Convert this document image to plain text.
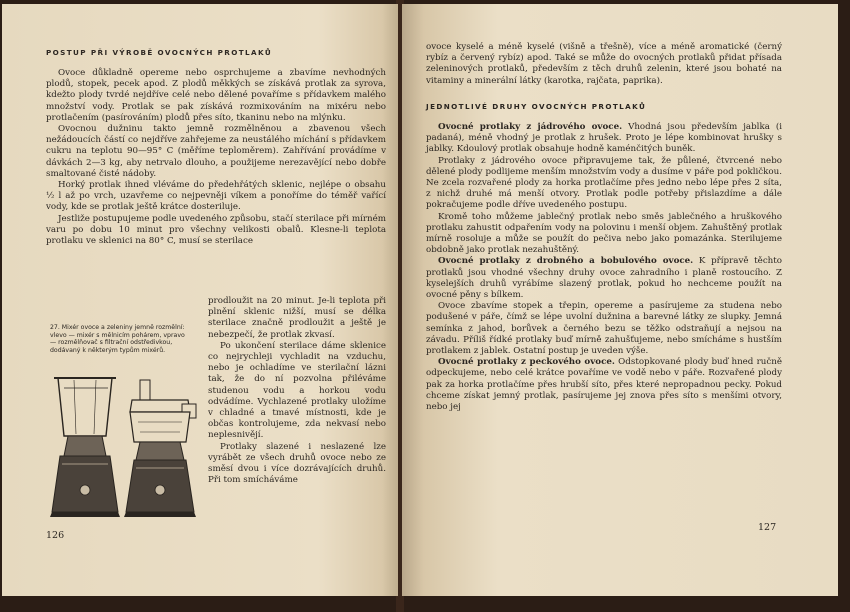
POSTUP PŘI VÝROBĚ OVOCNÝCH PROTLAKŮ

Ovoce důkladně opereme nebo osprchujeme a zbavíme nevhodných plodů, stopek, pecek apod. Z plodů měkkých se získává protlak za syrova, kdežto plody tvrdé nejdříve celé nebo dělené povaříme s přídavkem malého množství vody. Protlak se pak získává rozmixováním na mixéru nebo protlačením (pasírováním) plodů přes síto, tkaninu nebo na mlýnku.

Ovocnou dužninu takto jemně rozmělněnou a zbavenou všech nežádoucích částí co nejdříve zahřejeme za neustálého míchání s přídavkem cukru na teplotu 90—95° C (měříme teploměrem). Zahřívání provádíme v dávkách 2—3 kg, aby netrvalo dlouho, a použijeme nerezavějící nebo dobře smaltované čisté nádoby.

Horký protlak ihned vléváme do předehřátých sklenic, nejlépe o obsahu ½ l až po vrch, uzavřeme co nejpevněji víkem a ponoříme do téměř vařící vody, kde se protlak ještě krátce dosteriluje.

Jestliže postupujeme podle uvedeného způsobu, stačí sterilace při mírném varu po dobu 10 minut pro všechny velikosti obalů. Klesne-li teplota protlaku ve sklenici na 80° C, musí se sterilace

prodloužit na 20 minut. Je-li teplota při plnění sklenic nižší, musí se délka sterilace značně prodloužit a ještě je nebezpečí, že protlak zkvasí.

Po ukončení sterilace dáme sklenice co nejrychleji vychladit na vzduchu, nebo je ochladíme ve sterilační lázni tak, že do ní pozvolna přiléváme studenou vodu a horkou vodu odvádíme. Vychlazené protlaky uložíme v chladné a tmavé místnosti, kde je občas kontrolujeme, zda nekvasí nebo neplesnivějí.

Protlaky slazené i neslazené lze vyrábět ze všech druhů ovoce nebo ze směsí dvou i více dozrávajících druhů. Při tom smícháváme

27. Mixér ovoce a zeleniny jemně rozmělní: vlevo — mixér s mělnicím pohárem, vpravo — rozmělňovač s filtrační odstředivkou, dodávaný k některým typům mixérů.
126

ovoce kyselé a méně kyselé (višně a třešně), více a méně aromatické (černý rybíz a červený rybíz) apod. Také se může do ovocných protlaků přidat přísada zeleninových protlaků, především z těch druhů zelenin, které jsou bohaté na vitaminy a minerální látky (karotka, rajčata, paprika).

JEDNOTLIVÉ DRUHY OVOCNÝCH PROTLAKŮ

Ovocné protlaky z jádrového ovoce. Vhodná jsou především jablka (i padaná), méně vhodný je protlak z hrušek. Proto je lépe kombinovat hrušky s jablky. Kdoulový protlak obsahuje hodně kaménčitých buněk.

Protlaky z jádrového ovoce připravujeme tak, že půlené, čtvrcené nebo dělené plody podlijeme menším množstvím vody a dusíme v páře pod pokličkou. Ne zcela rozvařené plody za horka protlačíme přes jedno nebo lépe přes 2 síta, z nichž druhé má menší otvory. Protlak podle potřeby přislazdíme a dále pokračujeme podle dříve uvedeného postupu.

Kromě toho můžeme jablečný protlak nebo směs jablečného a hruškového protlaku zahustit odpařením vody na polovinu i menší objem. Zahuštěný protlak mírně rosoluje a může se použít do pečiva nebo jako pomazánka. Sterilujeme obdobně jako protlak nezahuštěný.

Ovocné protlaky z drobného a bobulového ovoce. K přípravě těchto protlaků jsou vhodné všechny druhy ovoce zahradního i planě rostoucího. Z kyselejších druhů vyrábíme slazený protlak, pokud ho nechceme použít na ovocné pěny s bílkem.

Ovoce zbavíme stopek a třepin, opereme a pasírujeme za studena nebo podušené v páře, čímž se lépe uvolní dužnina a barevné látky ze slupky. Jemná semínka z jahod, borůvek a černého bezu se těžko odstraňují a nejsou na závadu. Příliš řídké protlaky buď mírně zahušťujeme, nebo smícháme s hustším protlakem z jablek. Ostatní postup je uveden výše.

Ovocné protlaky z peckového ovoce. Odstopkované plody buď hned ručně odpeckujeme, nebo celé krátce povaříme ve vodě nebo v páře. Rozvařené plody pak za horka protlačíme přes hrubší síto, přes které nepropadnou pecky. Pokud chceme získat jemný protlak, pasírujeme jej znova přes síto s menšími otvory, nebo jej

127
